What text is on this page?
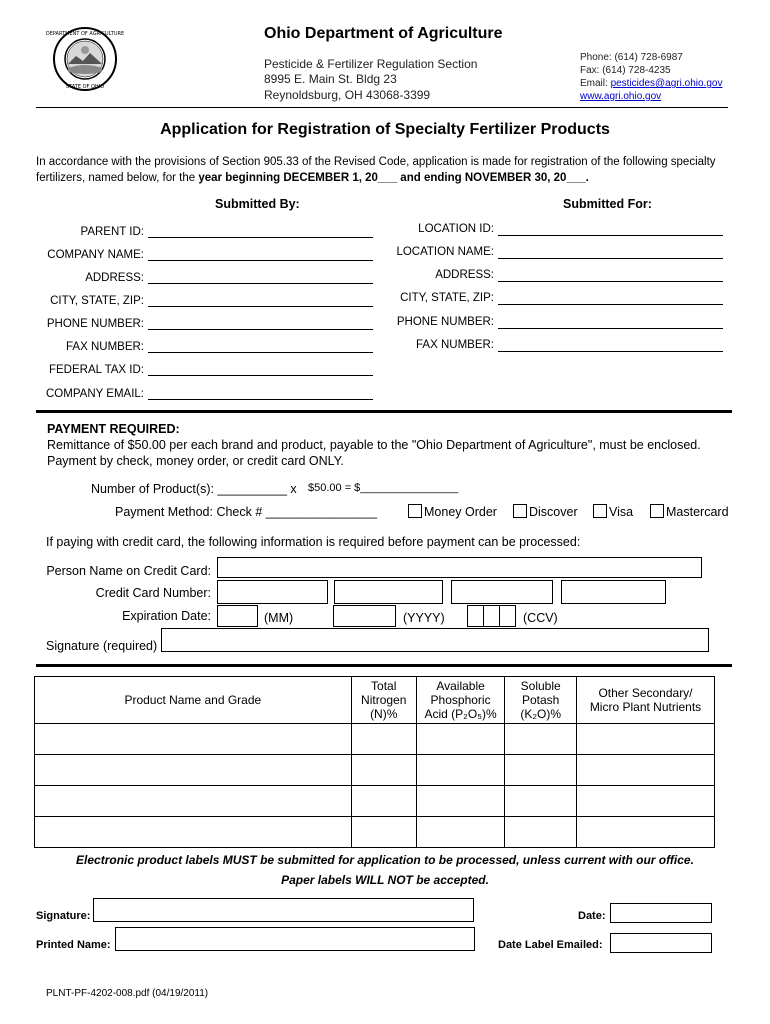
DEPARTMENT OF AGRICULTURE
STATE OF OHIO
Ohio Department of Agriculture
Pesticide & Fertilizer Regulation Section
8995 E. Main St. Bldg 23
Reynoldsburg, OH 43068-3399
Phone: (614) 728-6987
Fax: (614) 728-4235
Email: pesticides@agri.ohio.gov
www.agri.ohio.gov
Application for Registration of Specialty Fertilizer Products
In accordance with the provisions of Section 905.33 of the Revised Code, application is made for registration of the following specialty fertilizers, named below, for the year beginning DECEMBER 1, 20___ and ending NOVEMBER 30, 20___.
Submitted By:	Submitted For:
PARENT ID:
COMPANY NAME:
ADDRESS:
CITY, STATE, ZIP:
PHONE NUMBER:
FAX NUMBER:
FEDERAL TAX ID:
COMPANY EMAIL:
LOCATION ID:
LOCATION NAME:
ADDRESS:
CITY, STATE, ZIP:
PHONE NUMBER:
FAX NUMBER:
PAYMENT REQUIRED:
Remittance of $50.00 per each brand and product, payable to the "Ohio Department of Agriculture", must be enclosed.
Payment by check, money order, or credit card ONLY.
Number of Product(s): __________ x $50.00 = $________________
Payment Method: Check # ________________	Money Order	Discover	Visa	Mastercard
If paying with credit card, the following information is required before payment can be processed:
Person Name on Credit Card:
Credit Card Number:
Expiration Date:	(MM)	(YYYY)	(CCV)
Signature (required)
Product Name and Grade	Total Nitrogen (N)%	Available Phosphoric Acid (P₂O₅)%	Soluble Potash (K₂O)%	Other Secondary/ Micro Plant Nutrients

Electronic product labels MUST be submitted for application to be processed, unless current with our office.
Paper labels WILL NOT be accepted.
Signature:	Date:
Printed Name:	Date Label Emailed:
PLNT-PF-4202-008.pdf (04/19/2011)
